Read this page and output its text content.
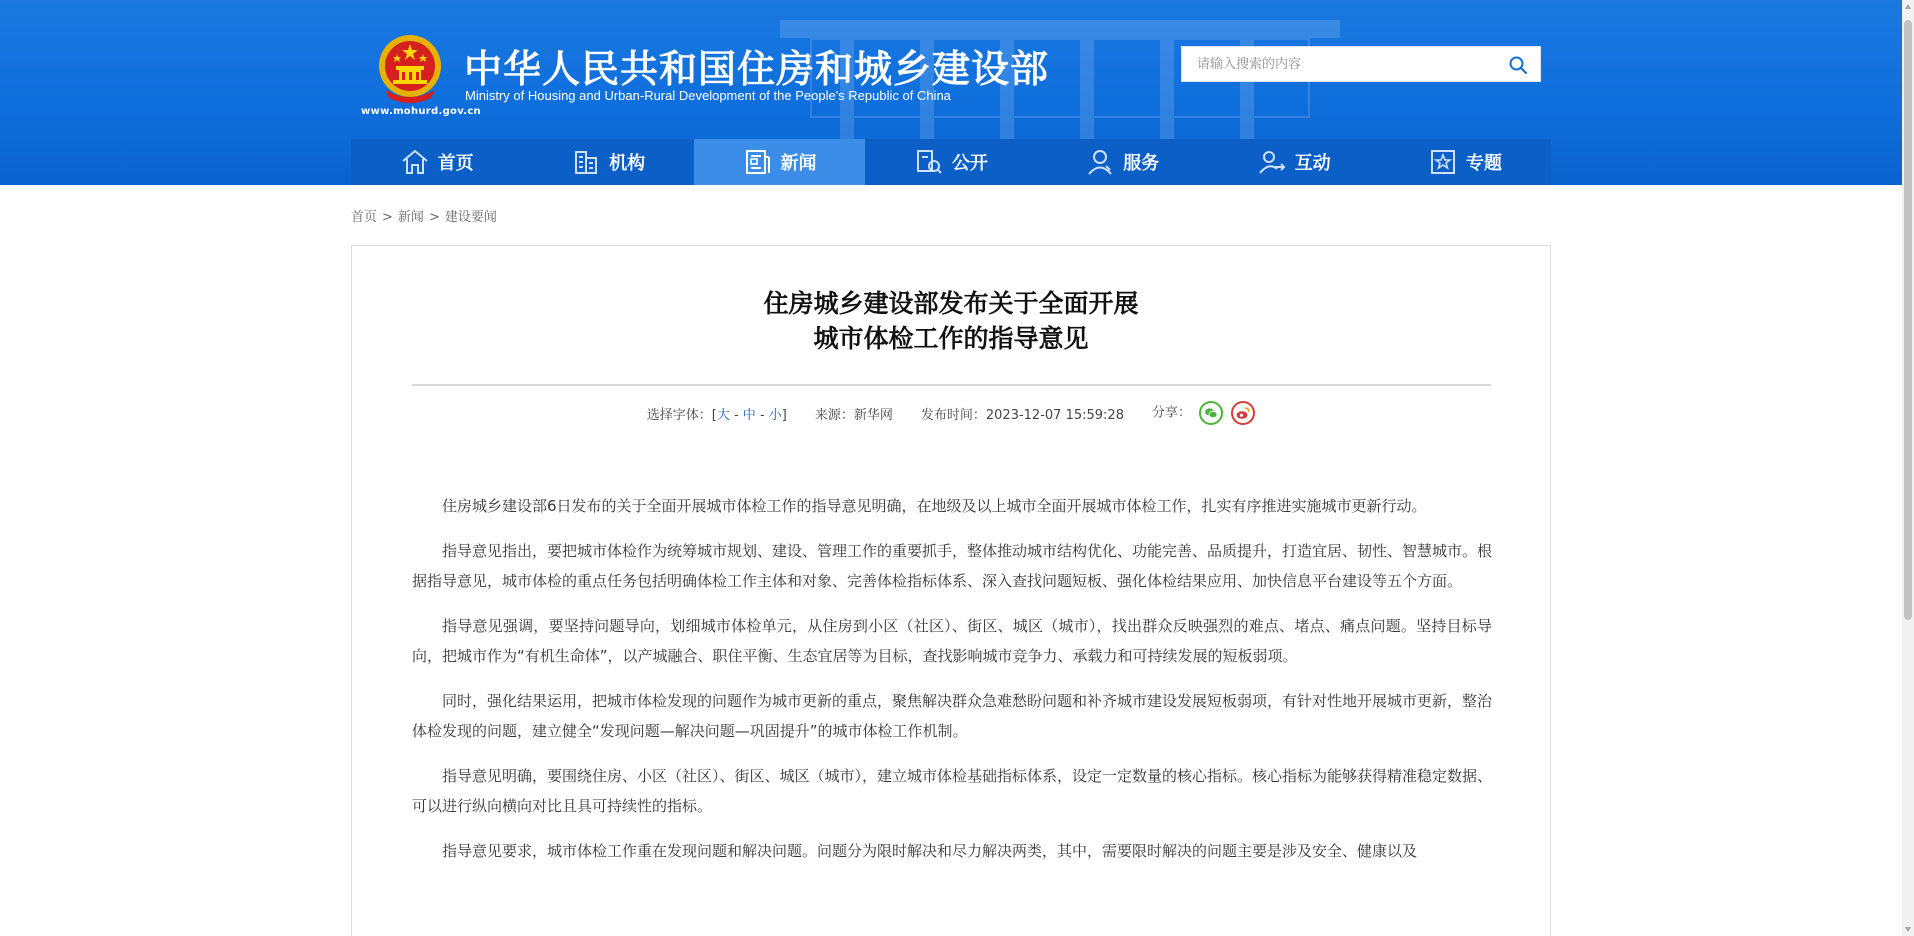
www.mohurd.gov.cn
中华人民共和国住房和城乡建设部
Ministry of Housing and Urban-Rural Development of the People's Republic of China
请输入搜索的内容
首页	机构	新闻	公开	服务	互动	专题
首页 > 新闻 > 建设要闻
住房城乡建设部发布关于全面开展
城市体检工作的指导意见
选择字体：[大 - 中 - 小] 来源：新华网 发布时间：2023-12-07 15:59:28 分享：

住房城乡建设部6日发布的关于全面开展城市体检工作的指导意见明确，在地级及以上城市全面开展城市体检工作，扎实有序推进实施城市更新行动。

指导意见指出，要把城市体检作为统筹城市规划、建设、管理工作的重要抓手，整体推动城市结构优化、功能完善、品质提升，打造宜居、韧性、智慧城市。根据指导意见，城市体检的重点任务包括明确体检工作主体和对象、完善体检指标体系、深入查找问题短板、强化体检结果应用、加快信息平台建设等五个方面。

指导意见强调，要坚持问题导向，划细城市体检单元，从住房到小区（社区）、街区、城区（城市），找出群众反映强烈的难点、堵点、痛点问题。坚持目标导向，把城市作为“有机生命体”，以产城融合、职住平衡、生态宜居等为目标，查找影响城市竞争力、承载力和可持续发展的短板弱项。

同时，强化结果运用，把城市体检发现的问题作为城市更新的重点，聚焦解决群众急难愁盼问题和补齐城市建设发展短板弱项，有针对性地开展城市更新，整治体检发现的问题，建立健全“发现问题—解决问题—巩固提升”的城市体检工作机制。

指导意见明确，要围绕住房、小区（社区）、街区、城区（城市），建立城市体检基础指标体系，设定一定数量的核心指标。核心指标为能够获得精准稳定数据、可以进行纵向横向对比且具可持续性的指标。

指导意见要求，城市体检工作重在发现问题和解决问题。问题分为限时解决和尽力解决两类，其中，需要限时解决的问题主要是涉及安全、健康以及
